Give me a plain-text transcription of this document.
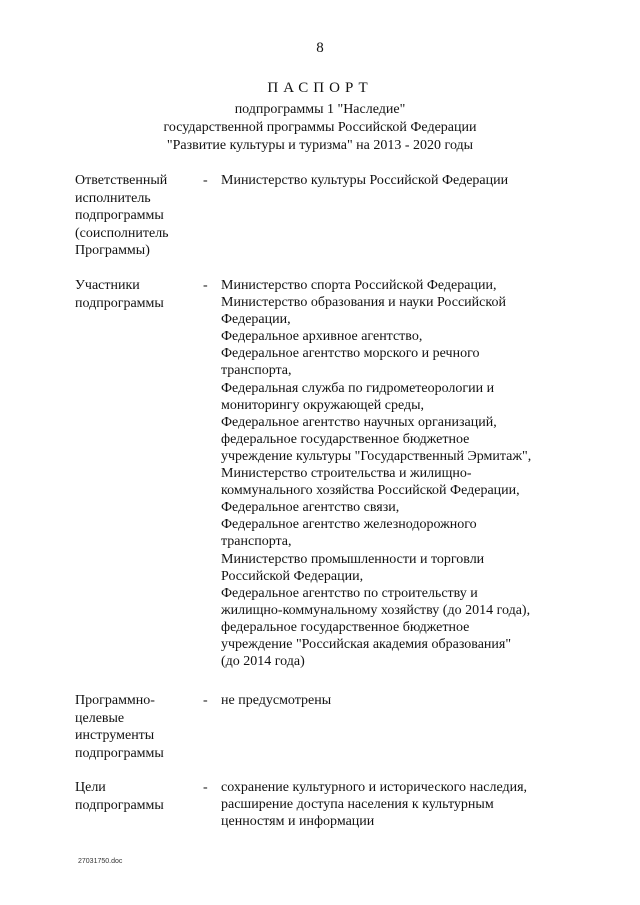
8
ПАСПОРТ
подпрограммы 1 "Наследие"
государственной программы Российской Федерации
"Развитие культуры и туризма" на 2013 - 2020 годы
Ответственный
исполнитель
подпрограммы
(соисполнитель
Программы)
- Министерство культуры Российской Федерации
Участники
подпрограммы
- Министерство спорта Российской Федерации,
Министерство образования и науки Российской
Федерации,
Федеральное архивное агентство,
Федеральное агентство морского и речного
транспорта,
Федеральная служба по гидрометеорологии и
мониторингу окружающей среды,
Федеральное агентство научных организаций,
федеральное государственное бюджетное
учреждение культуры "Государственный Эрмитаж",
Министерство строительства и жилищно-
коммунального хозяйства Российской Федерации,
Федеральное агентство связи,
Федеральное агентство железнодорожного
транспорта,
Министерство промышленности и торговли
Российской Федерации,
Федеральное агентство по строительству и
жилищно-коммунальному хозяйству (до 2014 года),
федеральное государственное бюджетное
учреждение "Российская академия образования"
(до 2014 года)
Программно-
целевые
инструменты
подпрограммы
- не предусмотрены
Цели
подпрограммы
- сохранение культурного и исторического наследия,
расширение доступа населения к культурным
ценностям и информации
27031750.doc
